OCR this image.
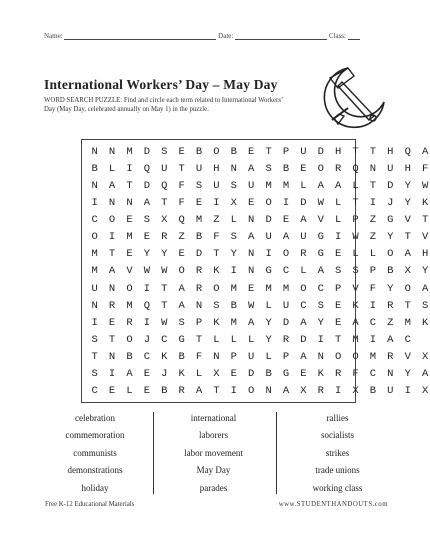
Name:	Date:	Class:
International Workers’ Day – May Day
WORD SEARCH PUZZLE: Find and circle each term related to International Workers’ Day (May Day, celebrated annually on May 1) in the puzzle.
N	N	M	D	S	E	B	O	B	E	T	P	U	D	H	T	T	H	Q	A
B	L	I	Q	U	T	U	H	N	A	S	B	E	O	R	Q	N	U	H	F
N	A	T	D	Q	F	S	U	S	U	M	M	L	A	A	L	T	D	Y	W
I	N	N	A	T	F	E	I	X	E	O	I	D	W	L	T	I	J	Y	K
C	O	E	S	X	Q	M	Z	L	N	D	E	A	V	L	P	Z	G	V	T
O	I	M	E	R	Z	B	F	S	A	U	A	U	G	I	W	Z	Y	T	V
M	T	E	Y	Y	E	D	T	Y	N	I	O	R	G	E	L	L	O	A	H
M	A	V	W	W	O	R	K	I	N	G	C	L	A	S	S	P	B	X	Y
U	N	O	I	T	A	R	O	M	E	M	M	O	C	P	V	F	Y	O	A
N	R	M	Q	T	A	N	S	B	W	L	U	C	S	E	K	I	R	T	S
I	E	R	I	W	S	P	K	M	A	Y	D	A	Y	E	A	C	Z	M	K
S	T	O	J	C	G	T	L	L	L	Y	R	D	I	T	M	I	A	C
T	N	B	C	K	B	F	N	P	U	L	P	A	N	O	O	M	R	V	X
S	I	A	E	J	K	L	X	E	D	B	G	E	K	R	F	C	N	Y	A
C	E	L	E	B	R	A	T	I	O	N	A	X	R	I	X	B	U	I	X
celebration
commemoration
communists
demonstrations
holiday
international
laborers
labor movement
May Day
parades
rallies
socialists
strikes
trade unions
working class
Free K-12 Educational Materials	www.STUDENTHANDOUTS.com
